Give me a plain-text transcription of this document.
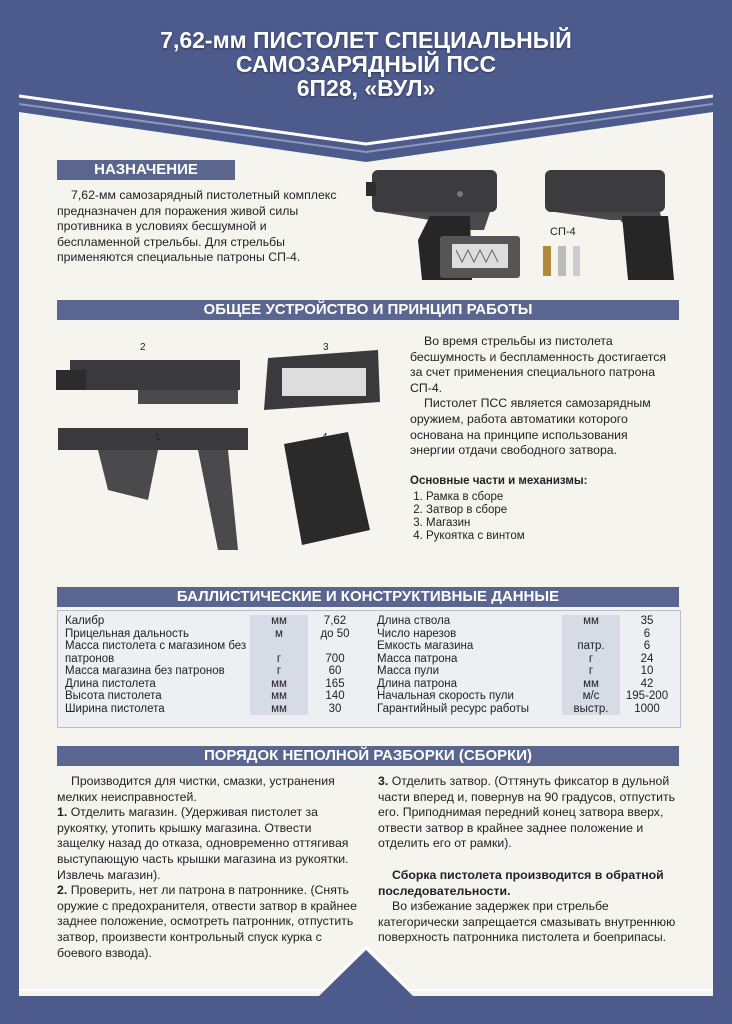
7,62-мм ПИСТОЛЕТ СПЕЦИАЛЬНЫЙ
САМОЗАРЯДНЫЙ ПСС
6П28, «ВУЛ»
НАЗНАЧЕНИЕ
7,62-мм самозарядный пистолетный комплекс предназначен для поражения живой силы противника в условиях бесшумной и беспламенной стрельбы. Для стрельбы применяются специальные патроны СП-4.
СП-4
ОБЩЕЕ УСТРОЙСТВО И ПРИНЦИП РАБОТЫ
2	3
1	4

Во время стрельбы из пистолета бесшумность и беспламенность достигается за счет применения специального патрона СП-4.

Пистолет ПСС является самозарядным оружием, работа автоматики которого основана на принципе использования энергии отдачи свободного затвора.

Основные части и механизмы:
1. Рамка в сборе
2. Затвор в сборе
3. Магазин
4. Рукоятка с винтом
БАЛЛИСТИЧЕСКИЕ И КОНСТРУКТИВНЫЕ ДАННЫЕ
Калибр	мм	7,62
Прицельная дальность	м	до 50
Масса пистолета с магазином без патронов	г	700
Масса магазина без патронов	г	60
Длина пистолета	мм	165
Высота пистолета	мм	140
Ширина пистолета	мм	30
Длина ствола	мм	35
Число нарезов		6
Емкость магазина	патр.	6
Масса патрона	г	24
Масса пули	г	10
Длина патрона	мм	42
Начальная скорость пули	м/с	195-200
Гарантийный ресурс работы	выстр.	1000
ПОРЯДОК НЕПОЛНОЙ РАЗБОРКИ (СБОРКИ)

Производится для чистки, смазки, устранения мелких неисправностей.

1. Отделить магазин. (Удерживая пистолет за рукоятку, утопить крышку магазина. Отвести защелку назад до отказа, одновременно оттягивая выступающую часть крышки магазина из рукоятки. Извлечь магазин).

2. Проверить, нет ли патрона в патроннике. (Снять оружие с предохранителя, отвести затвор в крайнее заднее положение, осмотреть патронник, отпустить затвор, произвести контрольный спуск курка с боевого взвода).

3. Отделить затвор. (Оттянуть фиксатор в дульной части вперед и, повернув на 90 градусов, отпустить его. Приподнимая передний конец затвора вверх, отвести затвор в крайнее заднее положение и отделить его от рамки).

Сборка пистолета производится в обратной последовательности.

Во избежание задержек при стрельбе категорически запрещается смазывать внутреннюю поверхность патронника пистолета и боеприпасы.
